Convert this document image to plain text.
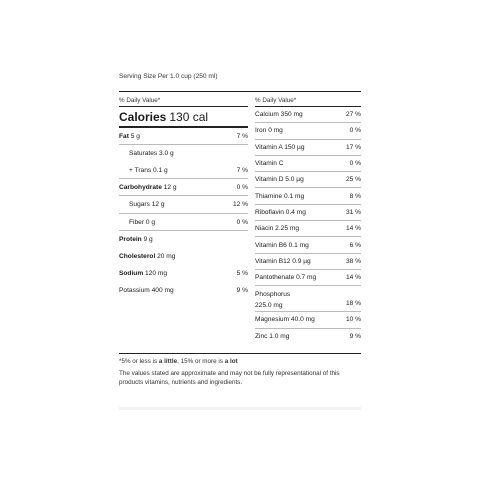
Serving Size Per 1.0 cup (250 ml)
% Daily Value*
Calories 130 cal
Fat 5 g	7 %
Saturates 3.0 g
+ Trans 0.1 g	7 %
Carbohydrate 12 g	0 %
Sugars 12 g	12 %
Fiber 0 g	0 %
Protein 9 g
Cholesterol 20 mg
Sodium 120 mg	5 %
Potassium 400 mg	9 %
% Daily Value*
Calcium 350 mg	27 %
Iron 0 mg	0 %
Vitamin A 150 µg	17 %
Vitamin C	0 %
Vitamin D 5.0 µg	25 %
Thiamine 0.1 mg	8 %
Riboflavin 0.4 mg	31 %
Niacin 2.25 mg	14 %
Vitamin B6 0.1 mg	6 %
Vitamin B12 0.9 µg	38 %
Pantothenate 0.7 mg	14 %
Phosphorus
225.0 mg	18 %
Magnesium 40.0 mg	10 %
Zinc 1.0 mg	9 %
*5% or less is a little, 15% or more is a lot
The values stated are approximate and may not be fully representational of this products vitamins, nutrients and ingredients.
